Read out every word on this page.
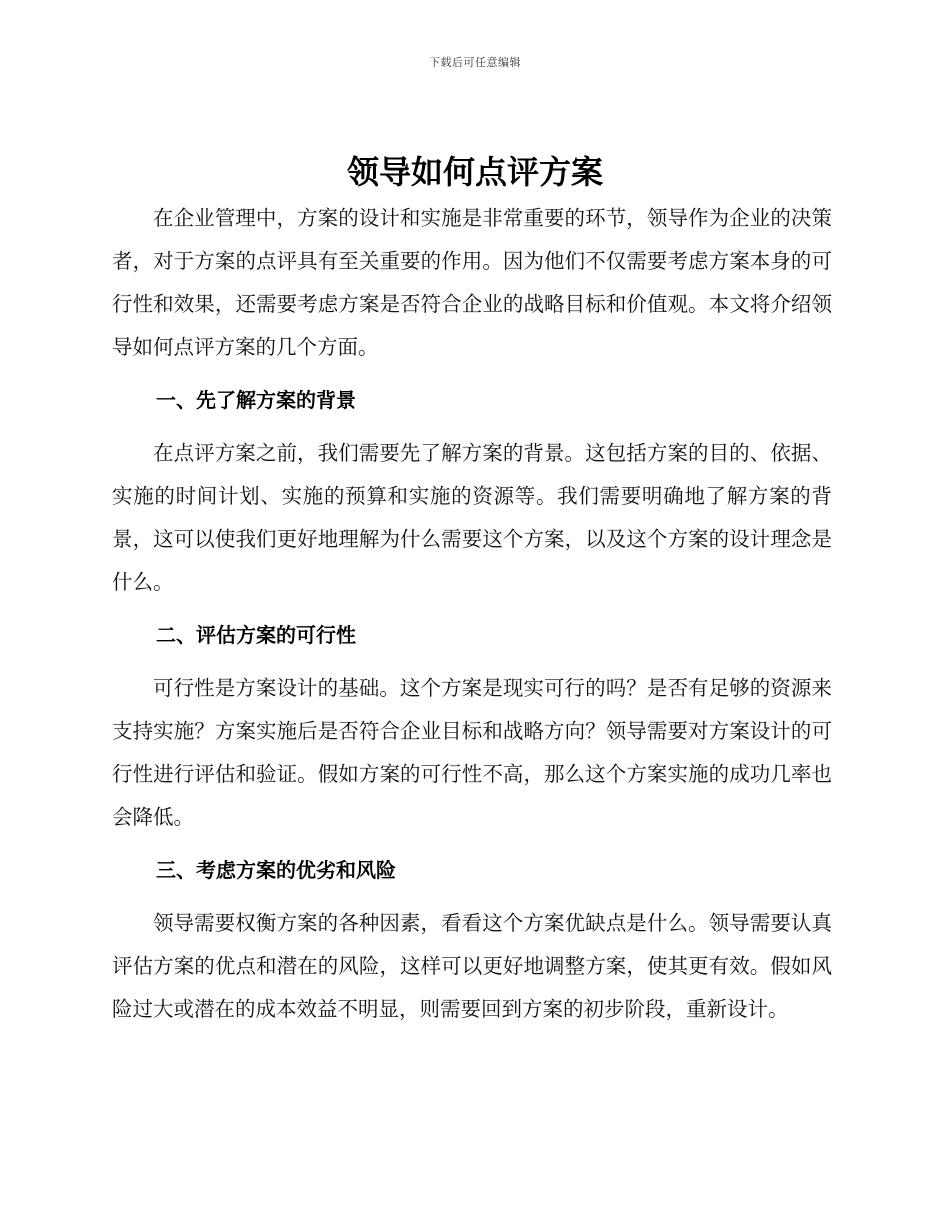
下载后可任意编辑
领导如何点评方案

在企业管理中，方案的设计和实施是非常重要的环节，领导作为企业的决策者，对于方案的点评具有至关重要的作用。因为他们不仅需要考虑方案本身的可行性和效果，还需要考虑方案是否符合企业的战略目标和价值观。本文将介绍领导如何点评方案的几个方面。

一、先了解方案的背景

在点评方案之前，我们需要先了解方案的背景。这包括方案的目的、依据、实施的时间计划、实施的预算和实施的资源等。我们需要明确地了解方案的背景，这可以使我们更好地理解为什么需要这个方案，以及这个方案的设计理念是什么。

二、评估方案的可行性

可行性是方案设计的基础。这个方案是现实可行的吗？是否有足够的资源来支持实施？方案实施后是否符合企业目标和战略方向？领导需要对方案设计的可行性进行评估和验证。假如方案的可行性不高，那么这个方案实施的成功几率也会降低。

三、考虑方案的优劣和风险

领导需要权衡方案的各种因素，看看这个方案优缺点是什么。领导需要认真评估方案的优点和潜在的风险，这样可以更好地调整方案，使其更有效。假如风险过大或潜在的成本效益不明显，则需要回到方案的初步阶段，重新设计。
